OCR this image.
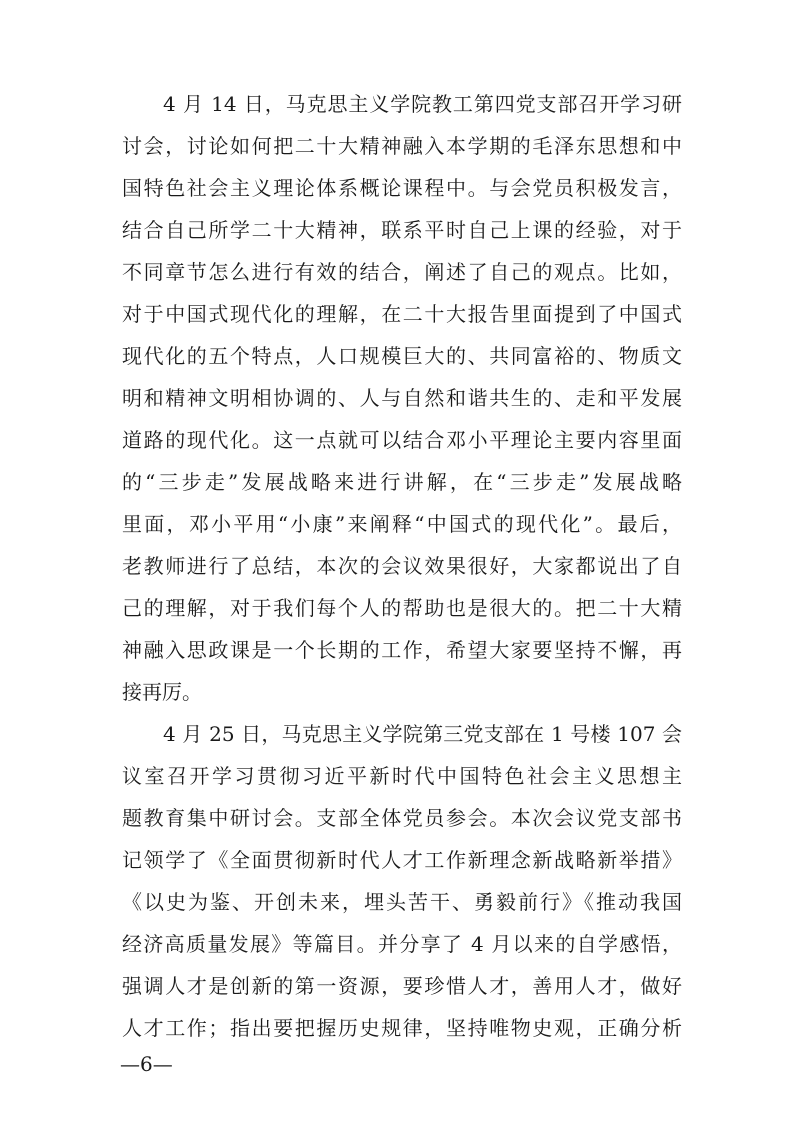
4 月 14 日，马克思主义学院教工第四党支部召开学习研
讨会，讨论如何把二十大精神融入本学期的毛泽东思想和中
国特色社会主义理论体系概论课程中。与会党员积极发言，
结合自己所学二十大精神，联系平时自己上课的经验，对于
不同章节怎么进行有效的结合，阐述了自己的观点。比如，
对于中国式现代化的理解，在二十大报告里面提到了中国式
现代化的五个特点，人口规模巨大的、共同富裕的、物质文
明和精神文明相协调的、人与自然和谐共生的、走和平发展
道路的现代化。这一点就可以结合邓小平理论主要内容里面
的“三步走”发展战略来进行讲解，在“三步走”发展战略
里面，邓小平用“小康”来阐释“中国式的现代化”。最后，
老教师进行了总结，本次的会议效果很好，大家都说出了自
己的理解，对于我们每个人的帮助也是很大的。把二十大精
神融入思政课是一个长期的工作，希望大家要坚持不懈，再
接再厉。
4 月 25 日，马克思主义学院第三党支部在 1 号楼 107 会
议室召开学习贯彻习近平新时代中国特色社会主义思想主
题教育集中研讨会。支部全体党员参会。本次会议党支部书
记领学了《全面贯彻新时代人才工作新理念新战略新举措》
《以史为鉴、开创未来，埋头苦干、勇毅前行》《推动我国
经济高质量发展》等篇目。并分享了 4 月以来的自学感悟，
强调人才是创新的第一资源，要珍惜人才，善用人才，做好
人才工作；指出要把握历史规律，坚持唯物史观，正确分析
—6—
